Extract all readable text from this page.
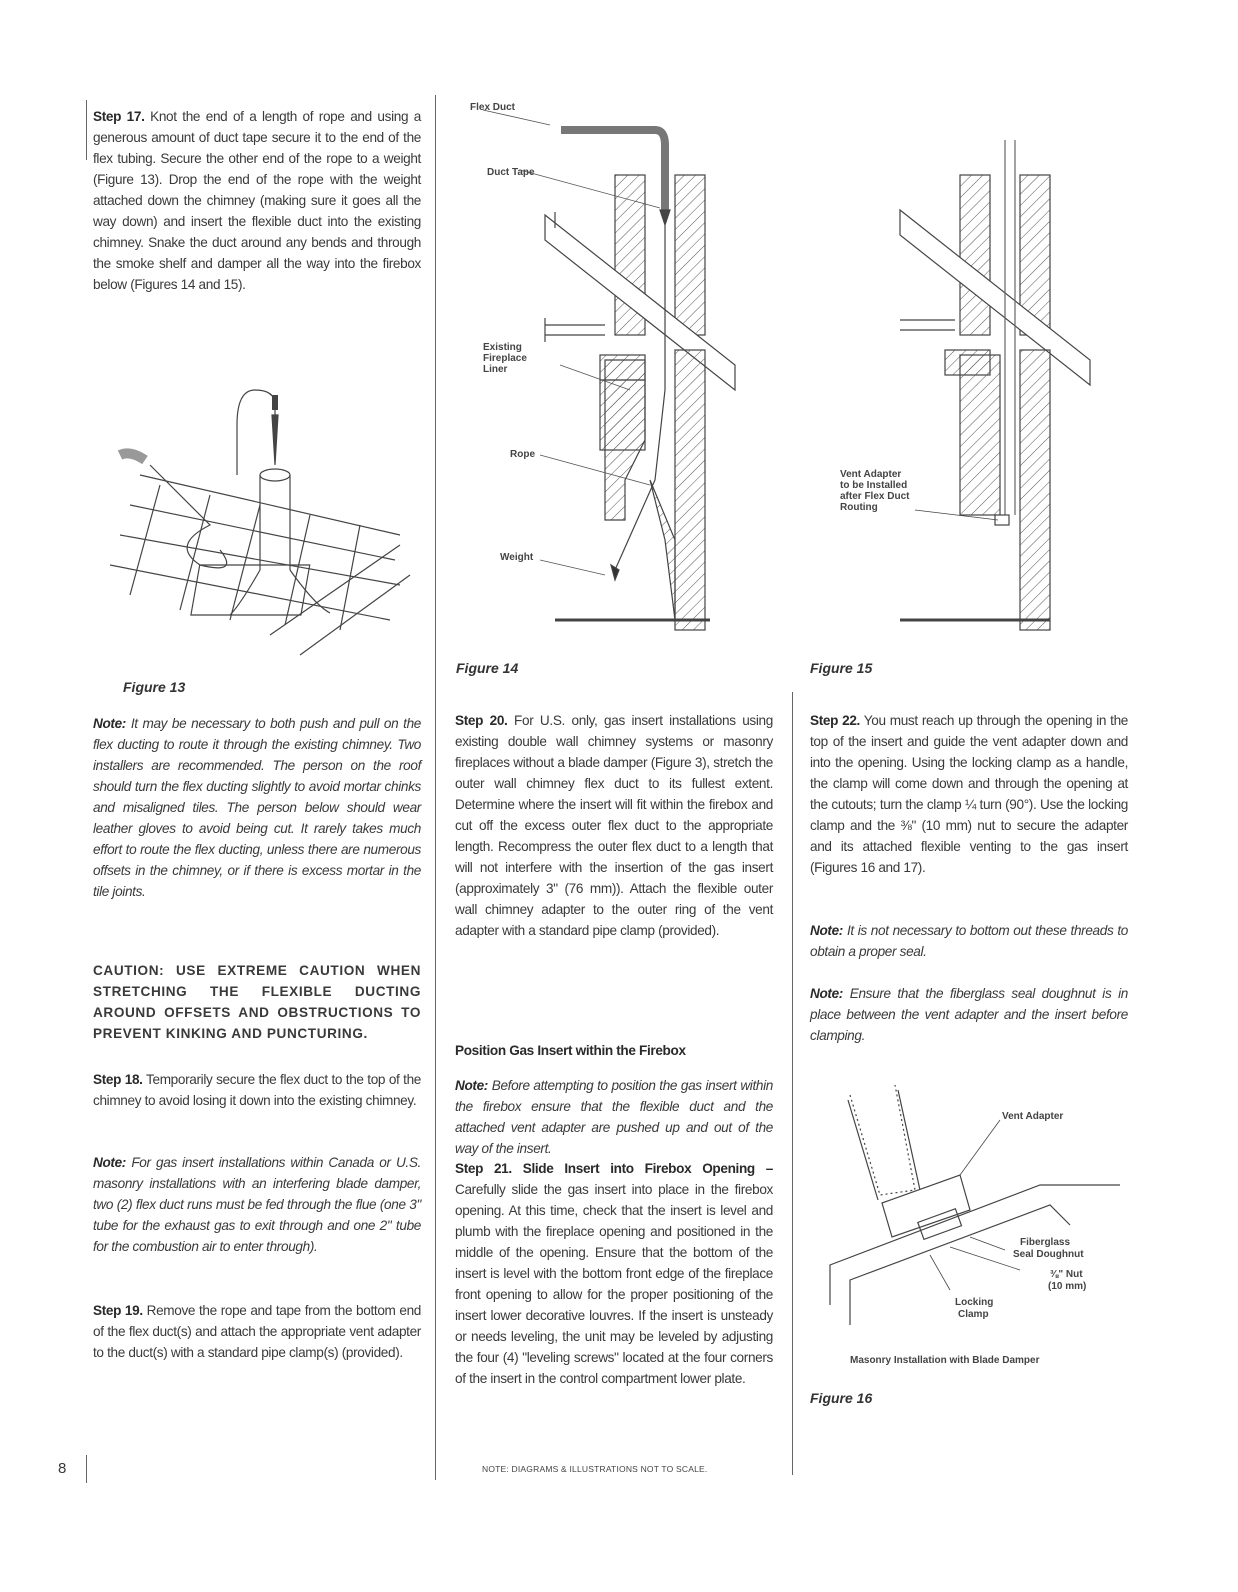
Step 17. Knot the end of a length of rope and using a generous amount of duct tape secure it to the end of the flex tubing. Secure the other end of the rope to a weight (Figure 13). Drop the end of the rope with the weight attached down the chimney (making sure it goes all the way down) and insert the flexible duct into the existing chimney. Snake the duct around any bends and through the smoke shelf and damper all the way into the firebox below (Figures 14 and 15).
Figure 13
Note: It may be necessary to both push and pull on the flex ducting to route it through the existing chimney. Two installers are recommended. The person on the roof should turn the flex ducting slightly to avoid mortar chinks and misaligned tiles. The person below should wear leather gloves to avoid being cut. It rarely takes much effort to route the flex ducting, unless there are numerous offsets in the chimney, or if there is excess mortar in the tile joints.
CAUTION: USE EXTREME CAUTION WHEN STRETCHING THE FLEXIBLE DUCTING AROUND OFFSETS AND OBSTRUCTIONS TO PREVENT KINKING AND PUNCTURING.
Step 18. Temporarily secure the flex duct to the top of the chimney to avoid losing it down into the existing chimney.
Note: For gas insert installations within Canada or U.S. masonry installations with an interfering blade damper, two (2) flex duct runs must be fed through the flue (one 3" tube for the exhaust gas to exit through and one 2" tube for the combustion air to enter through).
Step 19. Remove the rope and tape from the bottom end of the flex duct(s) and attach the appropriate vent adapter to the duct(s) with a standard pipe clamp(s) (provided).
8
Flex Duct
Duct Tape
Existing
Fireplace
Liner
Rope
Weight
Figure 14
Step 20. For U.S. only, gas insert installations using existing double wall chimney systems or masonry fireplaces without a blade damper (Figure 3), stretch the outer wall chimney flex duct to its fullest extent. Determine where the insert will fit within the firebox and cut off the excess outer flex duct to the appropriate length. Recompress the outer flex duct to a length that will not interfere with the insertion of the gas insert (approximately 3" (76 mm)). Attach the flexible outer wall chimney adapter to the outer ring of the vent adapter with a standard pipe clamp (provided).
Position Gas Insert within the Firebox
Note: Before attempting to position the gas insert within the firebox ensure that the flexible duct and the attached vent adapter are pushed up and out of the way of the insert.
Step 21. Slide Insert into Firebox Opening – Carefully slide the gas insert into place in the firebox opening. At this time, check that the insert is level and plumb with the fireplace opening and positioned in the middle of the opening. Ensure that the bottom of the insert is level with the bottom front edge of the fireplace front opening to allow for the proper positioning of the insert lower decorative louvres. If the insert is unsteady or needs leveling, the unit may be leveled by adjusting the four (4) "leveling screws" located at the four corners of the insert in the control compartment lower plate.
NOTE: DIAGRAMS & ILLUSTRATIONS NOT TO SCALE.
Vent Adapter
to be Installed
after Flex Duct
Routing
Figure 15
Step 22. You must reach up through the opening in the top of the insert and guide the vent adapter down and into the opening. Using the locking clamp as a handle, the clamp will come down and through the opening at the cutouts; turn the clamp ¼ turn (90°). Use the locking clamp and the ⅜" (10 mm) nut to secure the adapter and its attached flexible venting to the gas insert (Figures 16 and 17).
Note: It is not necessary to bottom out these threads to obtain a proper seal.
Note: Ensure that the fiberglass seal doughnut is in place between the vent adapter and the insert before clamping.
Vent Adapter
Fiberglass
Seal Doughnut
⅜" Nut
(10 mm)
Locking
Clamp
Masonry Installation with Blade Damper
Figure 16
